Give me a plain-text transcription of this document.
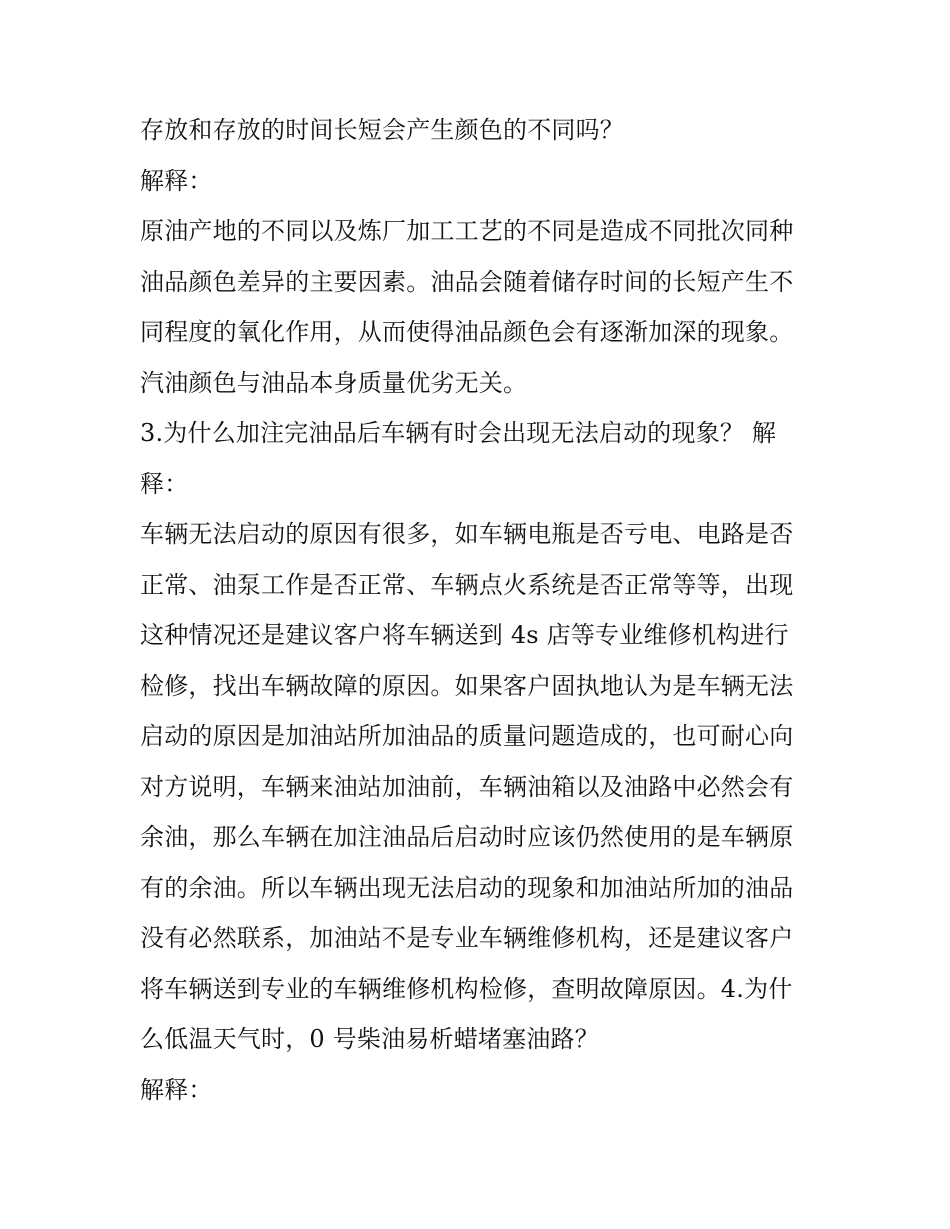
存放和存放的时间长短会产生颜色的不同吗？
解释：
原油产地的不同以及炼厂加工工艺的不同是造成不同批次同种
油品颜色差异的主要因素。油品会随着储存时间的长短产生不
同程度的氧化作用，从而使得油品颜色会有逐渐加深的现象。
汽油颜色与油品本身质量优劣无关。
3.为什么加注完油品后车辆有时会出现无法启动的现象？ 解
释：
车辆无法启动的原因有很多，如车辆电瓶是否亏电、电路是否
正常、油泵工作是否正常、车辆点火系统是否正常等等，出现
这种情况还是建议客户将车辆送到 4s 店等专业维修机构进行
检修，找出车辆故障的原因。如果客户固执地认为是车辆无法
启动的原因是加油站所加油品的质量问题造成的，也可耐心向
对方说明，车辆来油站加油前，车辆油箱以及油路中必然会有
余油，那么车辆在加注油品后启动时应该仍然使用的是车辆原
有的余油。所以车辆出现无法启动的现象和加油站所加的油品
没有必然联系，加油站不是专业车辆维修机构，还是建议客户
将车辆送到专业的车辆维修机构检修，查明故障原因。4.为什
么低温天气时，0 号柴油易析蜡堵塞油路？
解释：
